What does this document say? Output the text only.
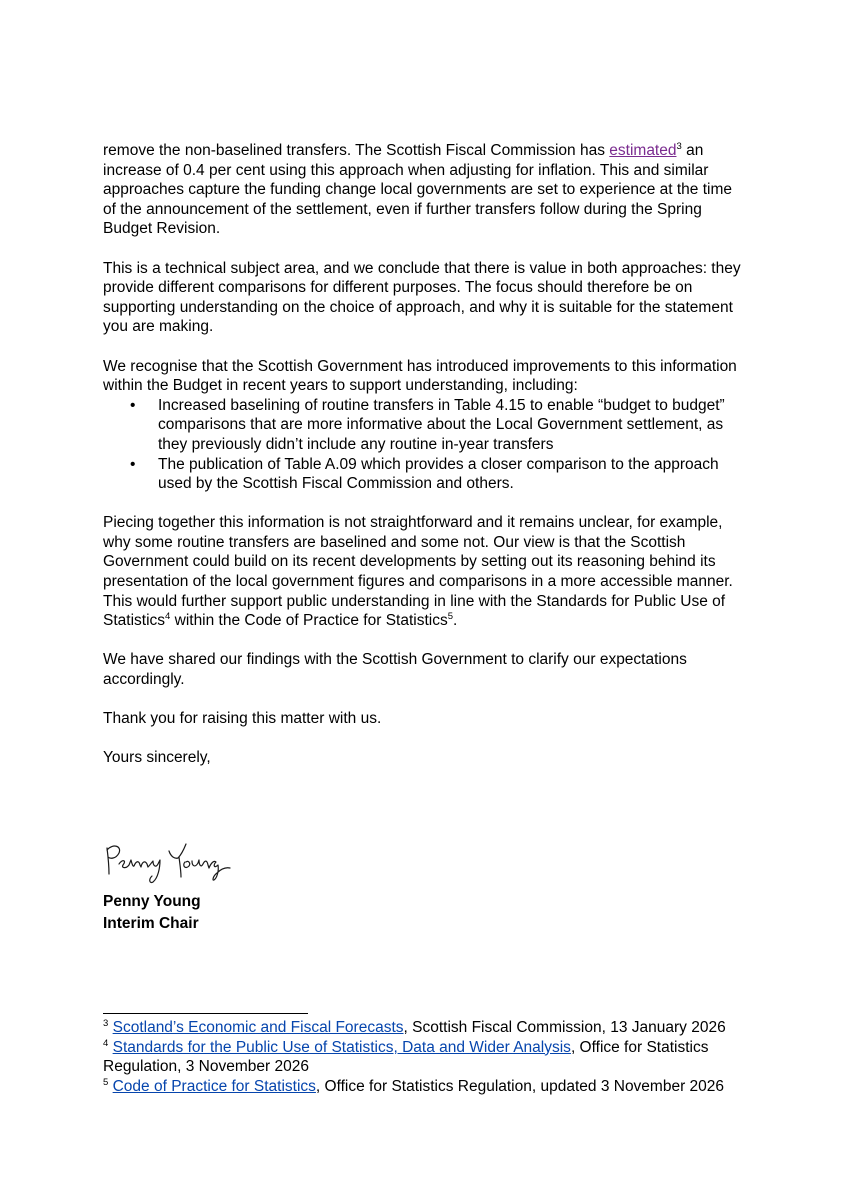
remove the non-baselined transfers. The Scottish Fiscal Commission has estimated$^3$ an increase of 0.4 per cent using this approach when adjusting for inflation. This and similar approaches capture the funding change local governments are set to experience at the time of the announcement of the settlement, even if further transfers follow during the Spring Budget Revision.

This is a technical subject area, and we conclude that there is value in both approaches: they provide different comparisons for different purposes. The focus should therefore be on supporting understanding on the choice of approach, and why it is suitable for the statement you are making.

We recognise that the Scottish Government has introduced improvements to this information within the Budget in recent years to support understanding, including:

• Increased baselining of routine transfers in Table 4.15 to enable “budget to budget” comparisons that are more informative about the Local Government settlement, as they previously didn’t include any routine in-year transfers
• The publication of Table A.09 which provides a closer comparison to the approach used by the Scottish Fiscal Commission and others.

Piecing together this information is not straightforward and it remains unclear, for example, why some routine transfers are baselined and some not. Our view is that the Scottish Government could build on its recent developments by setting out its reasoning behind its presentation of the local government figures and comparisons in a more accessible manner. This would further support public understanding in line with the Standards for Public Use of Statistics$^4$ within the Code of Practice for Statistics$^5$.

We have shared our findings with the Scottish Government to clarify our expectations accordingly.

Thank you for raising this matter with us.

Yours sincerely,

Penny Young
Interim Chair

$^3$ Scotland’s Economic and Fiscal Forecasts, Scottish Fiscal Commission, 13 January 2026

$^4$ Standards for the Public Use of Statistics, Data and Wider Analysis, Office for Statistics Regulation, 3 November 2026

$^5$ Code of Practice for Statistics, Office for Statistics Regulation, updated 3 November 2026
